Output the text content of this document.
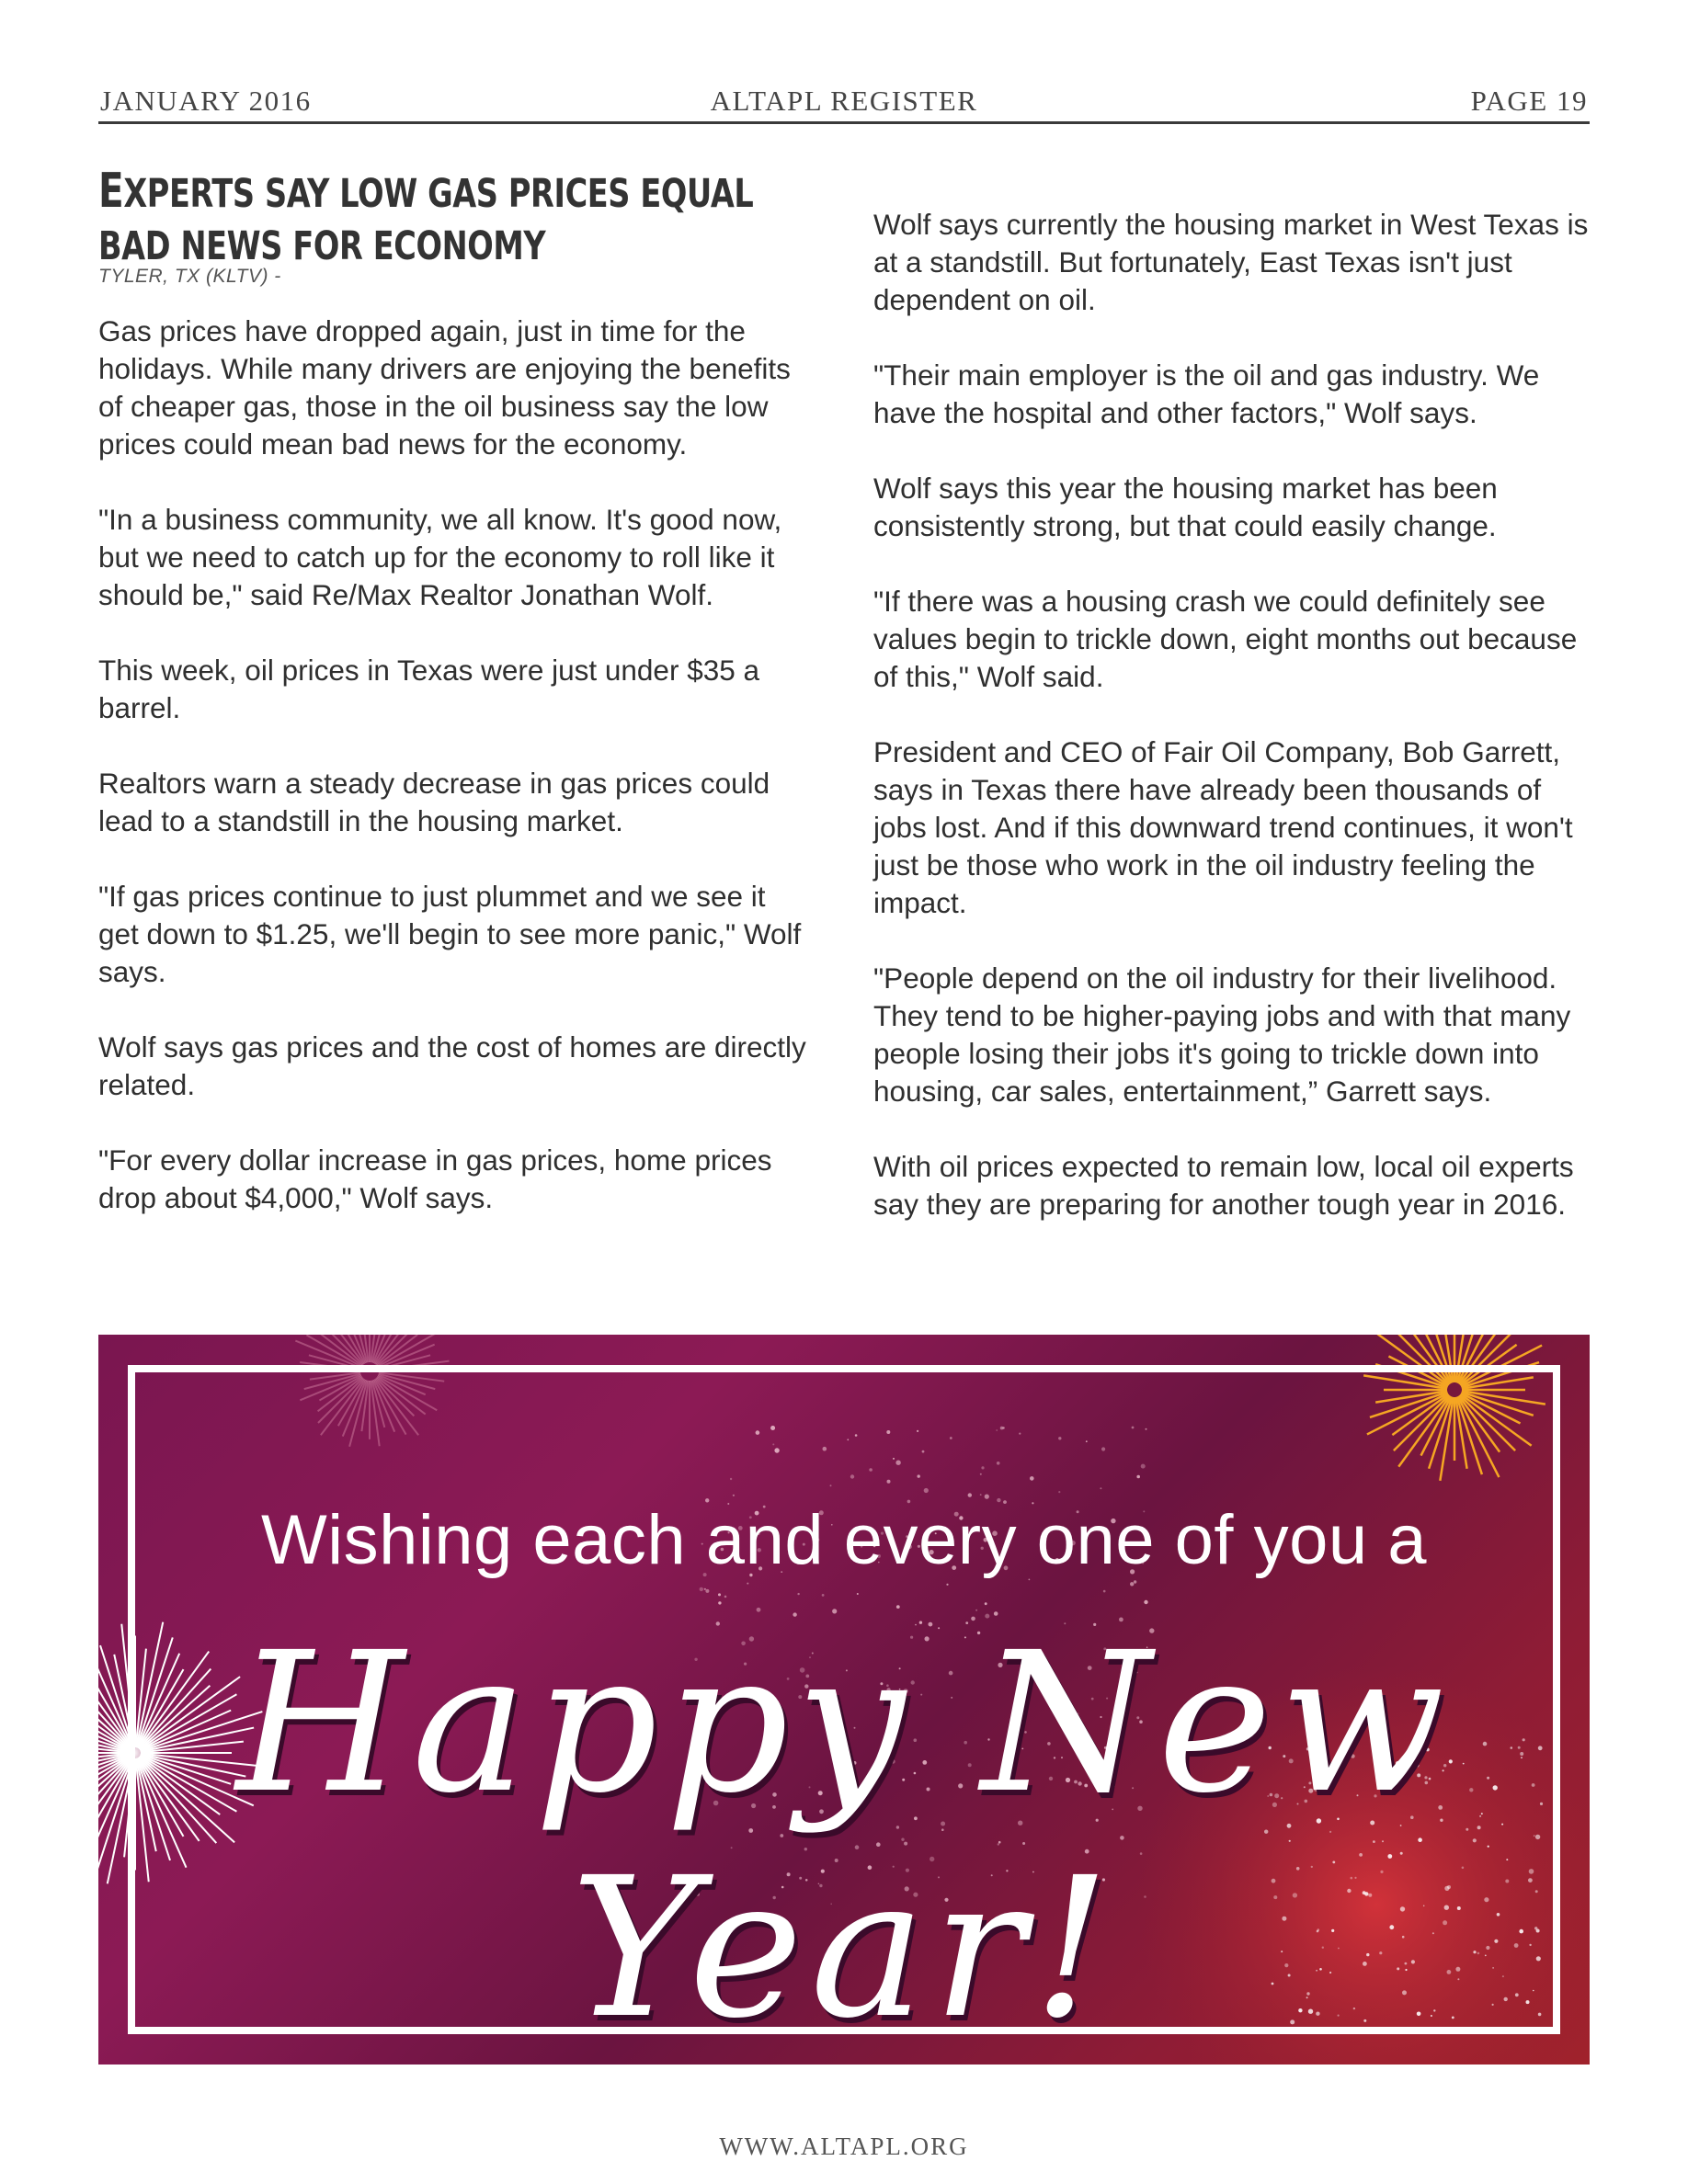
JANUARY 2016	ALTAPL REGISTER	PAGE 19
EXPERTS SAY LOW GAS PRICES EQUAL BAD NEWS FOR ECONOMY
TYLER, TX (KLTV) -

Gas prices have dropped again, just in time for the holidays. While many drivers are enjoying the benefits of cheaper gas, those in the oil business say the low prices could mean bad news for the economy.

"In a business community, we all know. It's good now, but we need to catch up for the economy to roll like it should be," said Re/Max Realtor Jonathan Wolf.

This week, oil prices in Texas were just under $35 a barrel.

Realtors warn a steady decrease in gas prices could lead to a standstill in the housing market.

"If gas prices continue to just plummet and we see it get down to $1.25, we'll begin to see more panic," Wolf says.

Wolf says gas prices and the cost of homes are directly related.

"For every dollar increase in gas prices, home prices drop about $4,000," Wolf says.

Wolf says currently the housing market in West Texas is at a standstill. But fortunately, East Texas isn't just dependent on oil.

"Their main employer is the oil and gas industry. We have the hospital and other factors," Wolf says.

Wolf says this year the housing market has been consistently strong, but that could easily change.

"If there was a housing crash we could definitely see values begin to trickle down, eight months out because of this," Wolf said.

President and CEO of Fair Oil Company, Bob Garrett, says in Texas there have already been thousands of jobs lost. And if this downward trend continues, it won't just be those who work in the oil industry feeling the impact.

"People depend on the oil industry for their livelihood. They tend to be higher-paying jobs and with that many people losing their jobs it's going to trickle down into housing, car sales, entertainment,” Garrett says.

With oil prices expected to remain low, local oil experts say they are preparing for another tough year in 2016.

Wishing each and every one of you a
Happy New Year!
WWW.ALTAPL.ORG
